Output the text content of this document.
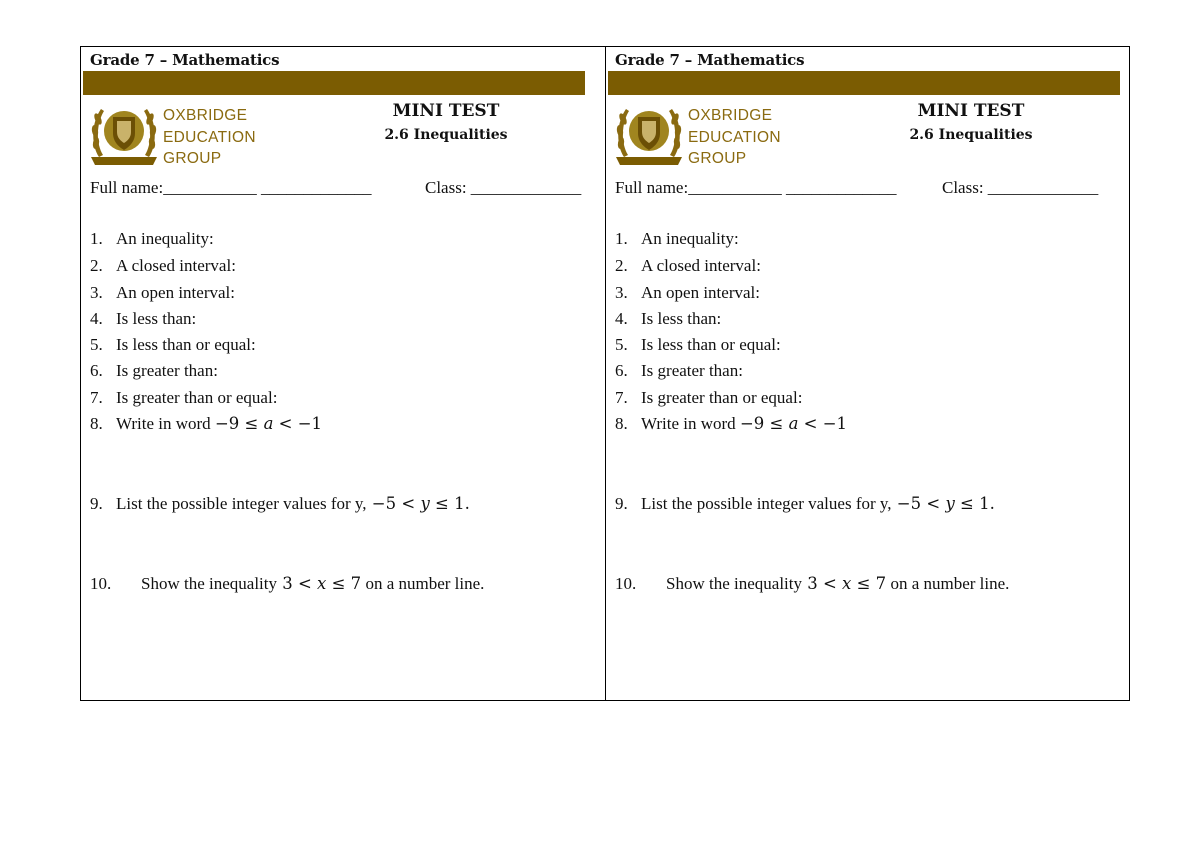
Grade 7 – Mathematics
OXBRIDGE
EDUCATION
GROUP
MINI TEST
2.6 Inequalities
Full name:___________ _____________	Class: _____________
1. An inequality:
2. A closed interval:
3. An open interval:
4. Is less than:
5. Is less than or equal:
6. Is greater than:
7. Is greater than or equal:
8. Write in word −9 ≤ a < −1
9. List the possible integer values for y, −5 < y ≤ 1.
10. Show the inequality 3 < x ≤ 7 on a number line.
Grade 7 – Mathematics
OXBRIDGE
EDUCATION
GROUP
MINI TEST
2.6 Inequalities
Full name:___________ _____________	Class: _____________
1. An inequality:
2. A closed interval:
3. An open interval:
4. Is less than:
5. Is less than or equal:
6. Is greater than:
7. Is greater than or equal:
8. Write in word −9 ≤ a < −1
9. List the possible integer values for y, −5 < y ≤ 1.
10. Show the inequality 3 < x ≤ 7 on a number line.
